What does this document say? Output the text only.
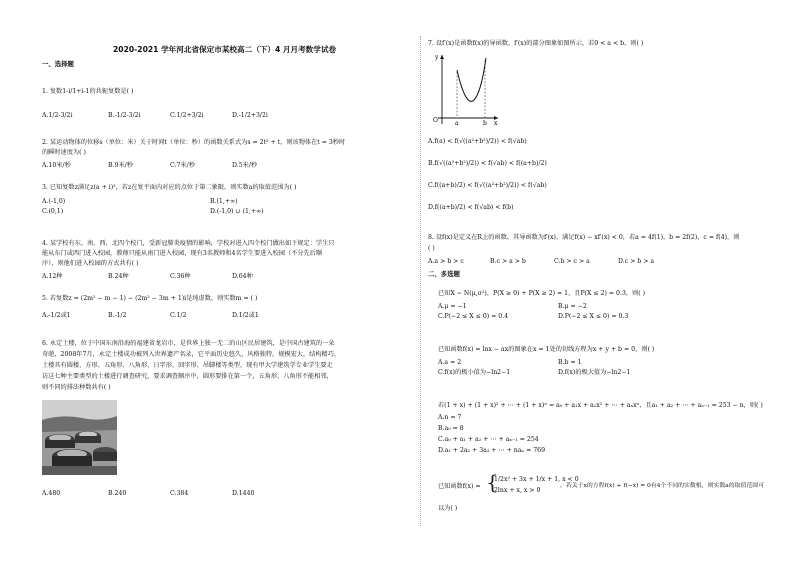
2020-2021 学年河北省保定市某校高二（下）4 月月考数学试卷
一、选择题
1. 复数1-i/1+i-1的共轭复数是( )
A.1/2-3/2i	B.-1/2-3/2i	C.1/2+3/2i	D.-1/2+3/2i
2. 某运动物体的位移s（单位：米）关于时间t（单位：秒）的函数关系式为s = 2t² + t，则该物体在t = 3秒时
的瞬时速度为( )
A.10米/秒	B.9米/秒	C.7米/秒	D.5米/秒
3. 已知复数z满足z(a + i)²，若z在复平面内对应的点位于第二象限，则实数a的取值范围为( )
A.(-1,0)	B.(1,+∞)
C.(0,1)	D.(-1,0) ∪ (1,+∞)
4. 某学校有东、南、西、北四个校门，受新冠肺炎疫情的影响，学校对进入四个校门做出如下规定：学生只
能从东门或西门进入校园，教师只能从南门进入校园，现有3名教师和4名学生要进入校园（不分先后顺
序），则他们进入校园的方式共有( )
A.12种	B.24种	C.36种	D.64种
5. 若复数z = (2m² − m − 1) − (2m² − 3m + 1)i是纯虚数，则实数m = ( )
A.-1/2或1	B.-1/2	C.1/2	D.1/2或1
6. 永定土楼，位于中国东南沿海的福建省龙岩市，是世界上独一无二的山区民居建筑，是中国古建筑的一朵
奇葩，2008年7月，永定土楼成功被列入世界遗产名录，它平面历史悠久，风格独特，规模宏大，结构精巧，
土楼具有圆楼、方形、五角形、八角形、日字形、回字形、吊脚楼等类型，现有甲大学建筑学专业学生要走
访这七种主要类型的土楼进行调查研究，要求调查顺序中，圆形要排在第一个，五角形、八角形不能相邻，
则不同的排法种数共有( )
A.480	B.240	C.384	D.1440
7. 设f′(x)是函数f(x)的导函数，f′(x)的部分图象如图所示，若0 < a < b，则( )
O	a	b x
y
A.f(a) < f(√((a²+b²)/2)) < f(√ab)
B.f(√((a²+b²)/2)) < f(√ab) < f((a+b)/2)
C.f((a+b)/2) < f(√((a²+b²)/2)) < f(√ab)
D.f((a+b)/2) < f(√ab) < f(b)
8. 设f(x)是定义在R上的函数，其导函数为f′(x)，满足f(x) − xf′(x) < 0，若a = 4f(1)，b = 2f(2)，c = f(4)，则
( )
A.a > b > c	B.c > a > b	C.b > c > a	D.c > b > a
二、多选题
已知X ~ N(μ,σ²)，P(X ≥ 0) + P(X ≥ 2) = 1，且P(X ≤ 2) = 0.3，则( )
A.μ = −1	B.μ = −2
C.P(−2 ≤ X ≤ 0) = 0.4	D.P(−2 ≤ X ≤ 0) = 0.3
已知函数f(x) = lnx − ax的图象在x = 1处的切线方程为x + y + b = 0，则( )
A.a = 2	B.b = 1
C.f(x)的极小值为−ln2−1	D.f(x)的极大值为−ln2−1
若(1 + x) + (1 + x)² + ⋯ + (1 + x)ⁿ = a₀ + a₁x + a₂x² + ⋯ + aₙxⁿ，且a₁ + a₂ + ⋯ + aₙ₋₁ = 253 − n，则( )
A.n = 7
B.a₀ = 8
C.a₀ + a₁ + a₂ + ⋯ + aₙ₋₁ = 254
D.a₁ + 2a₂ + 3a₃ + ⋯ + naₙ = 769
已知函数f(x) = {
1/2x² + 3x + 1/x + 1, x < 0
2lnx + x, x > 0
，若关于x的方程f(x) + f(−x) = 0有4个不同的实数根，则实数a的取值范围可
以为( )
